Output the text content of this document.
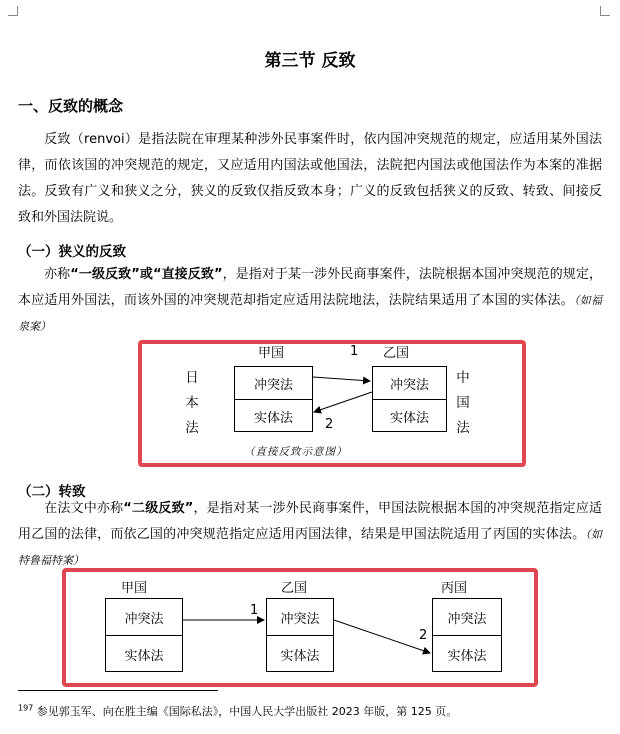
第三节 反致
一、反致的概念

反致（renvoi）是指法院在审理某种涉外民事案件时，依内国冲突规范的规定，应适用某外国法律，而依该国的冲突规范的规定，又应适用内国法或他国法，法院把内国法或他国法作为本案的准据法。反致有广义和狭义之分，狭义的反致仅指反致本身；广义的反致包括狭义的反致、转致、间接反致和外国法院说。

（一）狭义的反致

亦称“一级反致”或“直接反致”，是指对于某一涉外民商事案件，法院根据本国冲突规范的规定，本应适用外国法，而该外国的冲突规范却指定应适用法院地法，法院结果适用了本国的实体法。（如福泉案）

日
本
法
中
国
法
甲国	乙国
1
2
冲突法
实体法
冲突法
实体法
（直接反致示意图）
（二）转致

在法文中亦称“二级反致”，是指对某一涉外民商事案件，甲国法院根据本国的冲突规范指定应适用乙国的法律，而依乙国的冲突规范指定应适用丙国法律，结果是甲国法院适用了丙国的实体法。（如特鲁福特案）

甲国	乙国	丙国
1
2
冲突法
实体法
冲突法
实体法
冲突法
实体法
$^{197}$ 参见郭玉军、向在胜主编《国际私法》，中国人民大学出版社 2023 年版，第 125 页。
